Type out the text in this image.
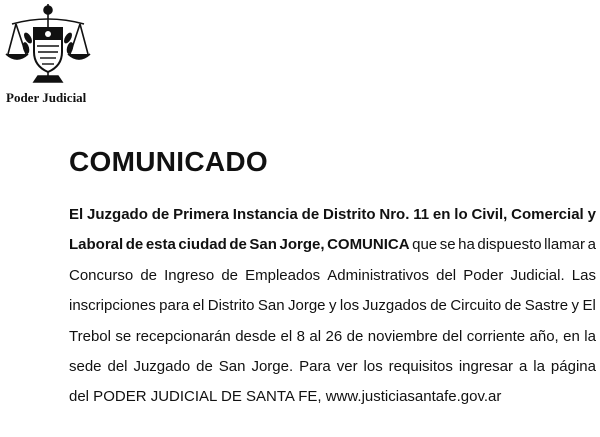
Poder Judicial
COMUNICADO
El Juzgado de Primera Instancia de Distrito Nro. 11 en lo Civil, Comercial y
Laboral de esta ciudad de San Jorge, COMUNICA que se ha dispuesto llamar a
Concurso de Ingreso de Empleados Administrativos del Poder Judicial. Las
inscripciones para el Distrito San Jorge y los Juzgados de Circuito de Sastre y El
Trebol se recepcionarán desde el 8 al 26 de noviembre del corriente año, en la
sede del Juzgado de San Jorge. Para ver los requisitos ingresar a la página
del PODER JUDICIAL DE SANTA FE, www.justiciasantafe.gov.ar
